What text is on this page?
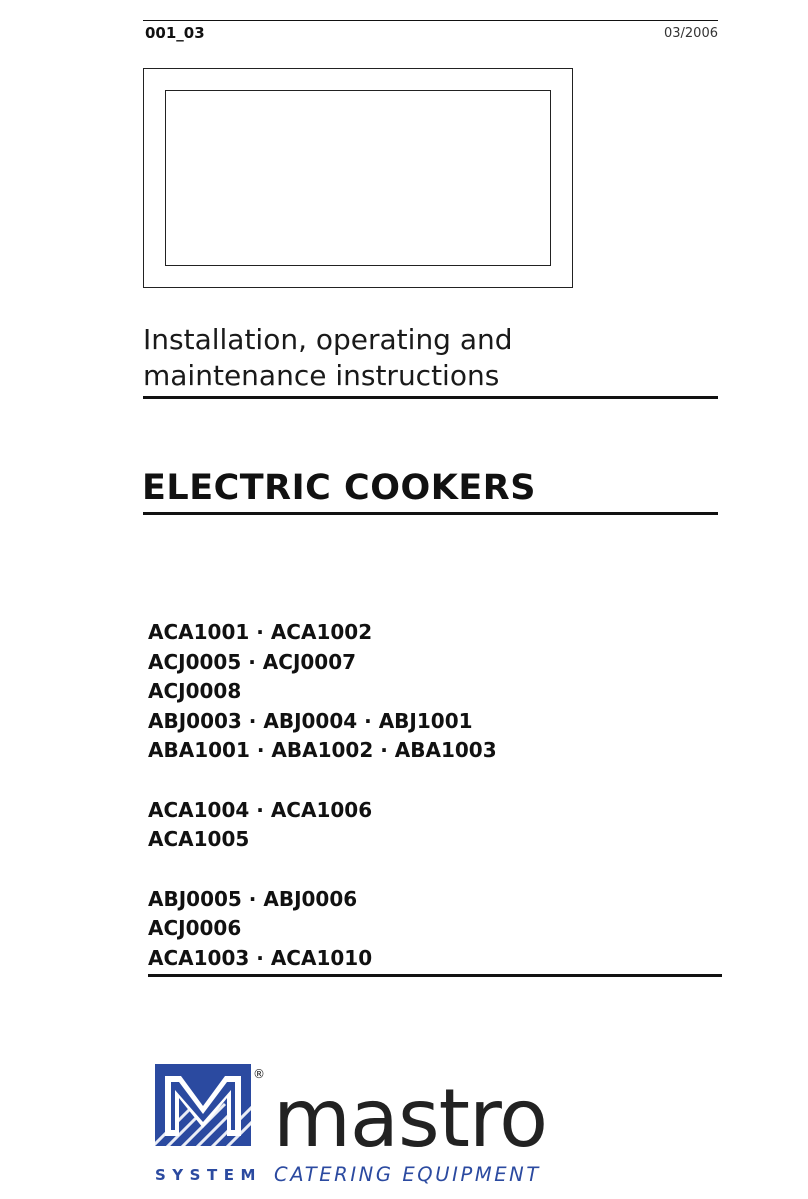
001_03	03/2006
Installation, operating and
maintenance instructions
ELECTRIC COOKERS
ACA1001 · ACA1002
ACJ0005 · ACJ0007
ACJ0008
ABJ0003 · ABJ0004 · ABJ1001
ABA1001 · ABA1002 · ABA1003
ACA1004 · ACA1006
ACA1005
ABJ0005 · ABJ0006
ACJ0006
ACA1003 · ACA1010
®
SYSTEM
mastro
CATERING EQUIPMENT
